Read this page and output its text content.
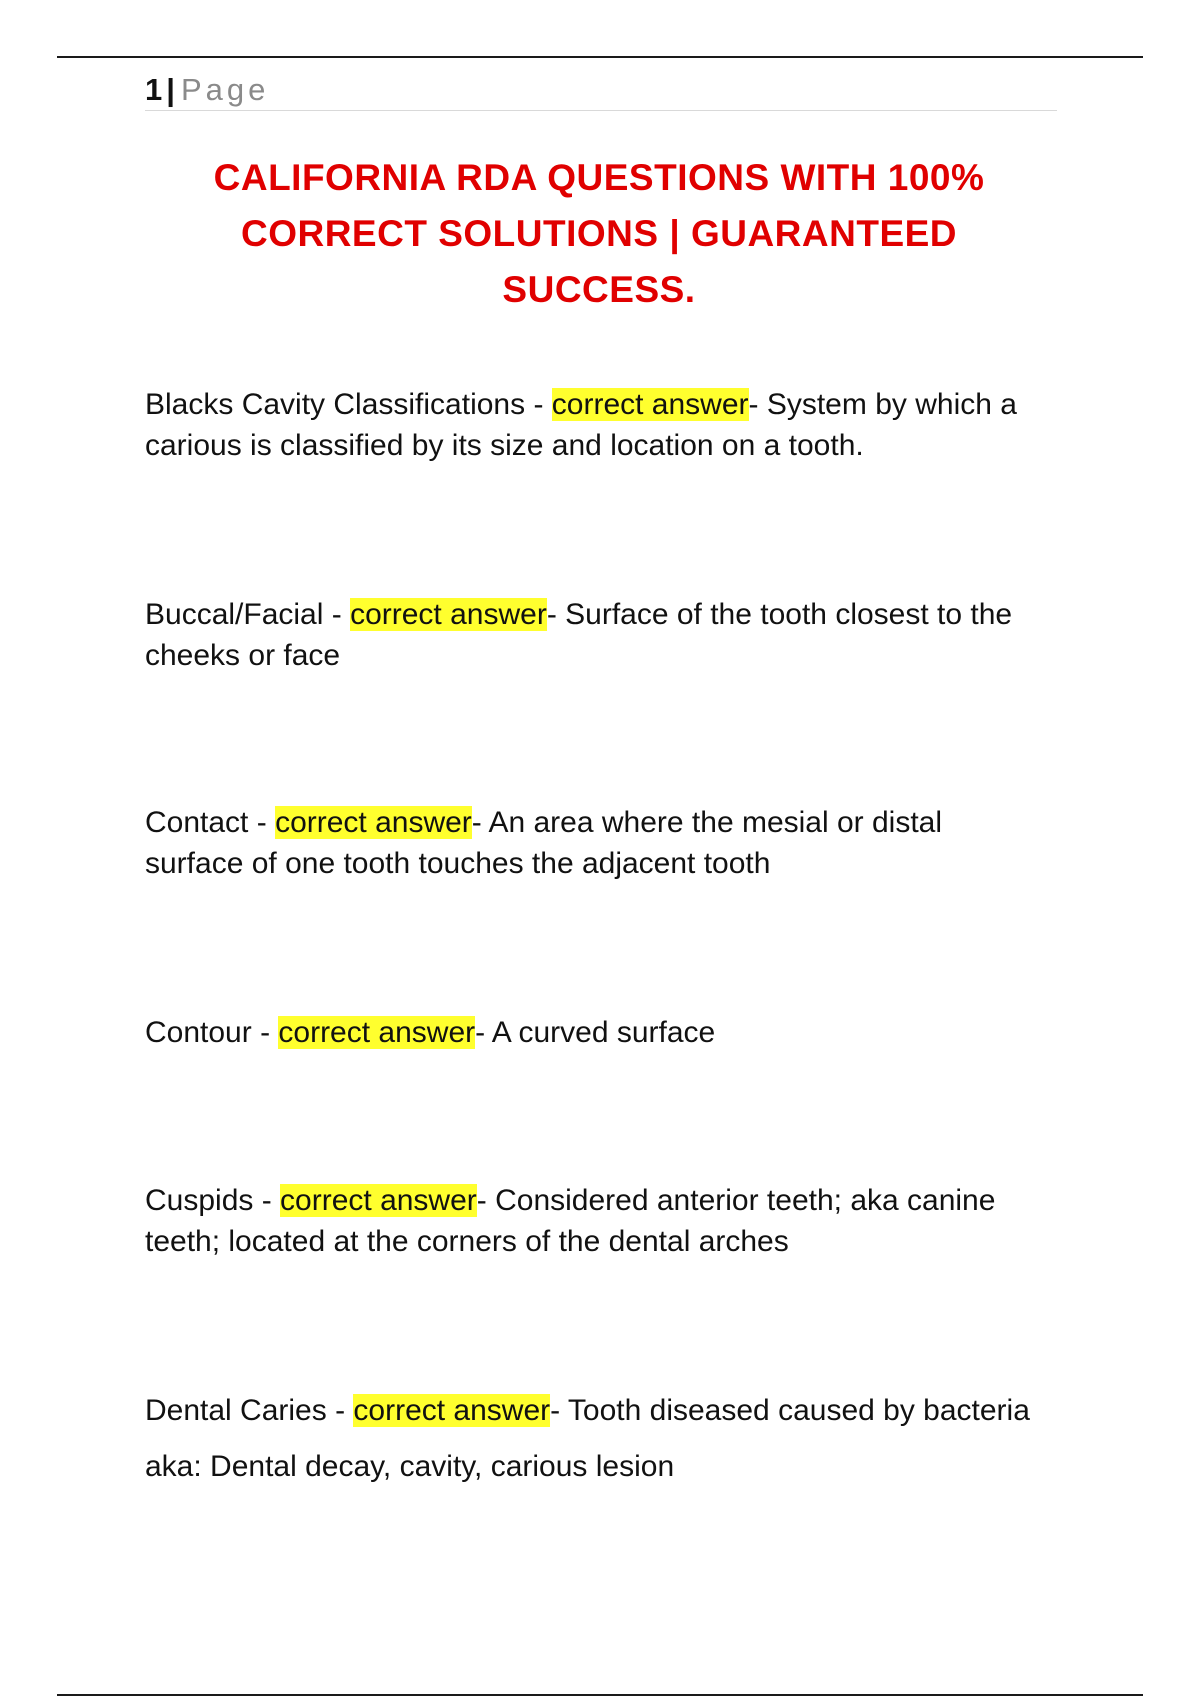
1 | Page
CALIFORNIA RDA QUESTIONS WITH 100% CORRECT SOLUTIONS | GUARANTEED SUCCESS.
Blacks Cavity Classifications - correct answer- System by which a carious is classified by its size and location on a tooth.
Buccal/Facial - correct answer- Surface of the tooth closest to the cheeks or face
Contact - correct answer- An area where the mesial or distal surface of one tooth touches the adjacent tooth
Contour - correct answer- A curved surface
Cuspids - correct answer- Considered anterior teeth; aka canine teeth; located at the corners of the dental arches
Dental Caries - correct answer- Tooth diseased caused by bacteria
aka: Dental decay, cavity, carious lesion
